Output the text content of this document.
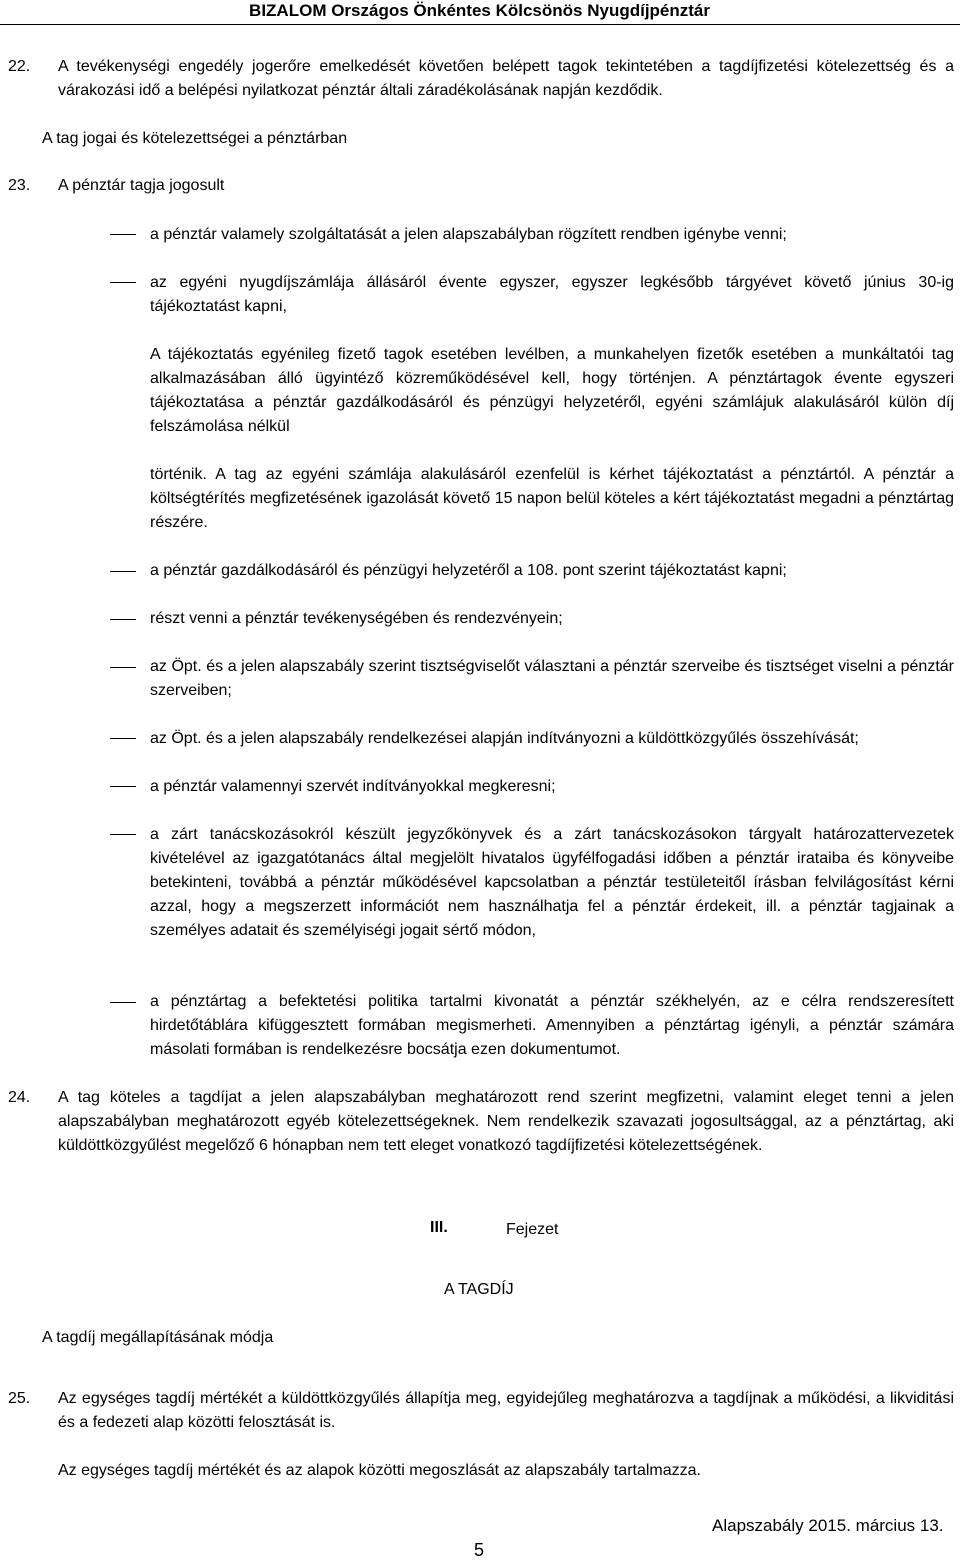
BIZALOM Országos Önkéntes Kölcsönös Nyugdíjpénztár
22. A tevékenységi engedély jogerőre emelkedését követően belépett tagok tekintetében a tagdíjfizetési kötelezettség és a várakozási idő a belépési nyilatkozat pénztár általi záradékolásának napján kezdődik.
A tag jogai és kötelezettségei a pénztárban
23. A pénztár tagja jogosult
a pénztár valamely szolgáltatását a jelen alapszabályban rögzített rendben igénybe venni;
az egyéni nyugdíjszámlája állásáról évente egyszer, egyszer legkésőbb tárgyévet követő június 30-ig tájékoztatást kapni,
A tájékoztatás egyénileg fizető tagok esetében levélben, a munkahelyen fizetők esetében a munkáltatói tag alkalmazásában álló ügyintéző közreműködésével kell, hogy történjen. A pénztártagok évente egyszeri tájékoztatása a pénztár gazdálkodásáról és pénzügyi helyzetéről, egyéni számlájuk alakulásáról külön díj felszámolása nélkül
történik. A tag az egyéni számlája alakulásáról ezenfelül is kérhet tájékoztatást a pénztártól. A pénztár a költségtérítés megfizetésének igazolását követő 15 napon belül köteles a kért tájékoztatást megadni a pénztártag részére.
a pénztár gazdálkodásáról és pénzügyi helyzetéről a 108. pont szerint tájékoztatást kapni;
részt venni a pénztár tevékenységében és rendezvényein;
az Öpt. és a jelen alapszabály szerint tisztségviselőt választani a pénztár szerveibe és tisztséget viselni a pénztár szerveiben;
az Öpt. és a jelen alapszabály rendelkezései alapján indítványozni a küldöttközgyűlés összehívását;
a pénztár valamennyi szervét indítványokkal megkeresni;
a zárt tanácskozásokról készült jegyzőkönyvek és a zárt tanácskozásokon tárgyalt határozattervezetek kivételével az igazgatótanács által megjelölt hivatalos ügyfélfogadási időben a pénztár irataiba és könyveibe betekinteni, továbbá a pénztár működésével kapcsolatban a pénztár testületeitől írásban felvilágosítást kérni azzal, hogy a megszerzett információt nem használhatja fel a pénztár érdekeit, ill. a pénztár tagjainak a személyes adatait és személyiségi jogait sértő módon,
a pénztártag a befektetési politika tartalmi kivonatát a pénztár székhelyén, az e célra rendszeresített hirdetőtáblára kifüggesztett formában megismerheti. Amennyiben a pénztártag igényli, a pénztár számára másolati formában is rendelkezésre bocsátja ezen dokumentumot.
24. A tag köteles a tagdíjat a jelen alapszabályban meghatározott rend szerint megfizetni, valamint eleget tenni a jelen alapszabályban meghatározott egyéb kötelezettségeknek. Nem rendelkezik szavazati jogosultsággal, az a pénztártag, aki küldöttközgyűlést megelőző 6 hónapban nem tett eleget vonatkozó tagdíjfizetési kötelezettségének.
III.	Fejezet
A TAGDÍJ
A tagdíj megállapításának módja
25. Az egységes tagdíj mértékét a küldöttközgyűlés állapítja meg, egyidejűleg meghatározva a tagdíjnak a működési, a likviditási és a fedezeti alap közötti felosztását is.
Az egységes tagdíj mértékét és az alapok közötti megoszlását az alapszabály tartalmazza.
Alapszabály 2015. március 13.
5
